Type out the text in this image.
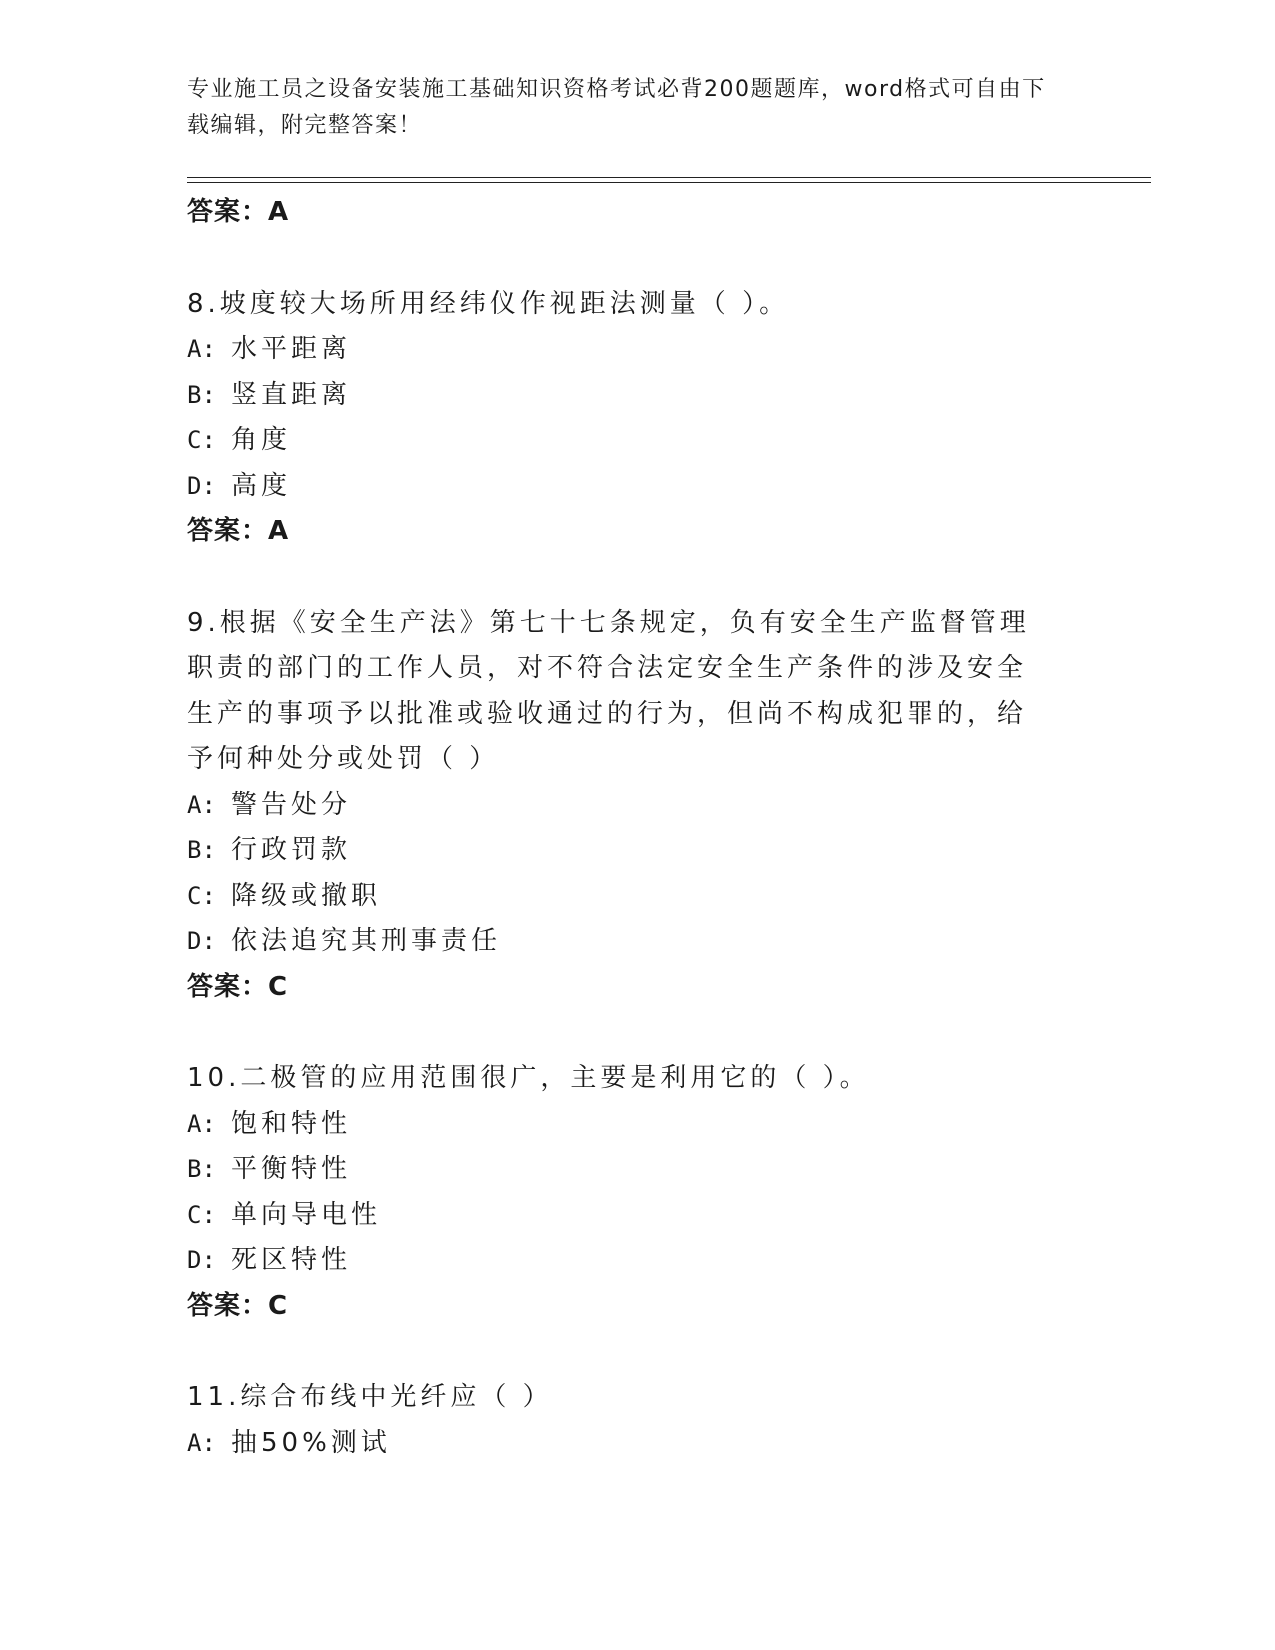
专业施工员之设备安装施工基础知识资格考试必背200题题库，word格式可自由下载编辑，附完整答案！
答案：A
8.坡度较大场所用经纬仪作视距法测量（ ）。
A: 水平距离
B: 竖直距离
C: 角度
D: 高度
答案：A
9.根据《安全生产法》第七十七条规定，负有安全生产监督管理职责的部门的工作人员，对不符合法定安全生产条件的涉及安全生产的事项予以批准或验收通过的行为，但尚不构成犯罪的，给予何种处分或处罚（ ）
A: 警告处分
B: 行政罚款
C: 降级或撤职
D: 依法追究其刑事责任
答案：C
10.二极管的应用范围很广，主要是利用它的（ ）。
A: 饱和特性
B: 平衡特性
C: 单向导电性
D: 死区特性
答案：C
11.综合布线中光纤应（ ）
A: 抽50%测试
